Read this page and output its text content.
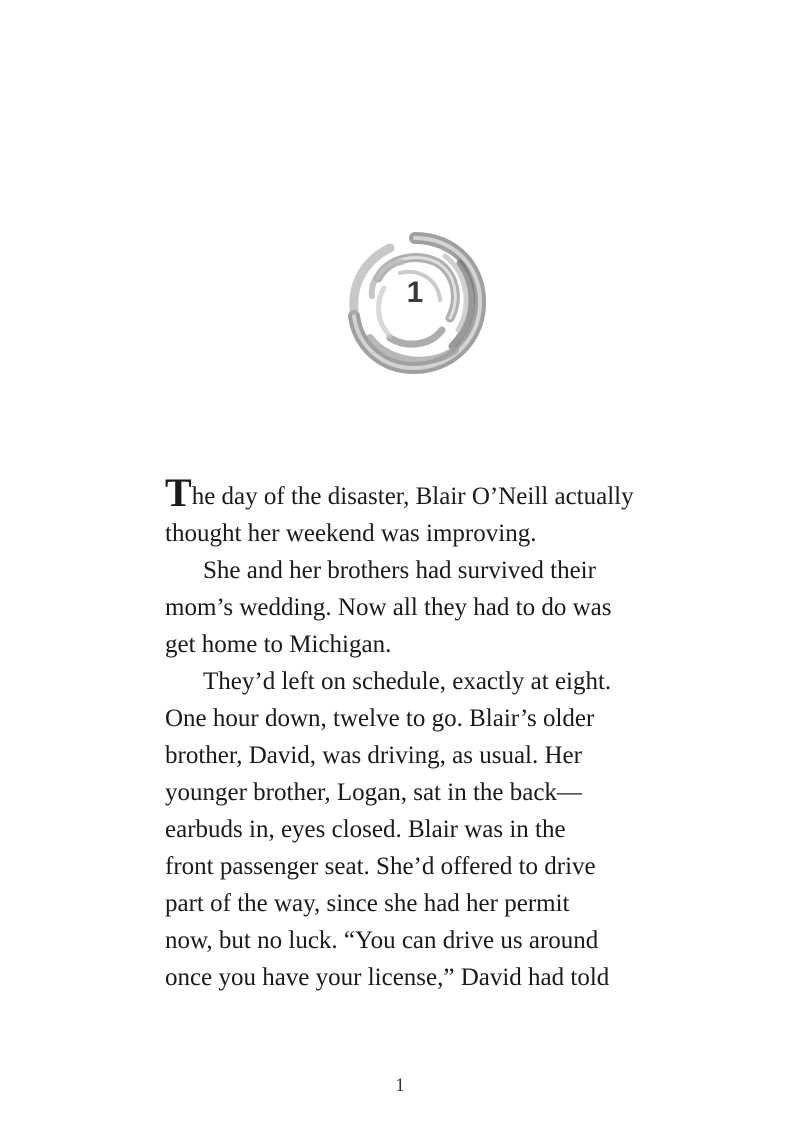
1

The day of the disaster, Blair O’Neill actually
thought her weekend was improving.

She and her brothers had survived their
mom’s wedding. Now all they had to do was
get home to Michigan.

They’d left on schedule, exactly at eight.
One hour down, twelve to go. Blair’s older
brother, David, was driving, as usual. Her
younger brother, Logan, sat in the back—
earbuds in, eyes closed. Blair was in the
front passenger seat. She’d offered to drive
part of the way, since she had her permit
now, but no luck. “You can drive us around
once you have your license,” David had told

1
